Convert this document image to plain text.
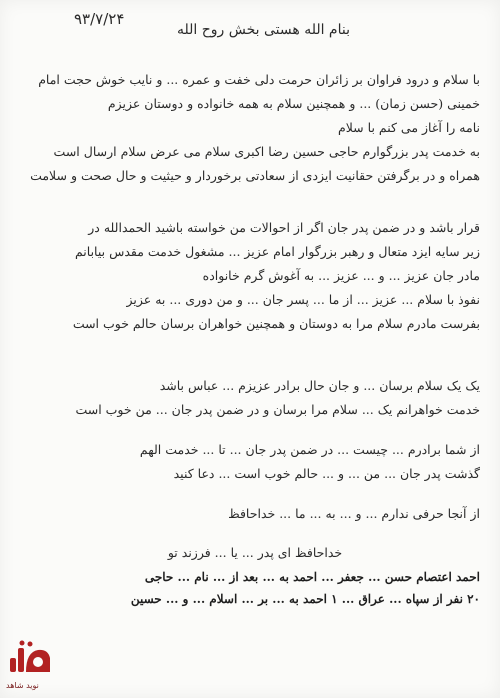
۹۳/۷/۲۴
بنام الله هستی بخش روح الله
با سلام و درود فراوان بر زائران حرمت دلی خفت و عمره ... و نایب خوش حجت امام
خمینی (حسن زمان) ... و همچنین سلام به همه خانواده و دوستان عزیزم
نامه را آغاز می کنم با سلام
به خدمت پدر بزرگوارم حاجی حسین رضا اکبری سلام می عرض سلام ارسال است
همراه و در برگرفتن حقانیت ایزدی از سعادتی برخوردار و حیثیت و حال صحت و سلامت
قرار باشد و در ضمن پدر جان اگر از احوالات من خواسته باشید الحمدالله در
زیر سایه ایزد متعال و رهبر بزرگوار امام عزیز ... مشغول خدمت مقدس بیابانم
مادر جان عزیز ... و ... عزیز ... به آغوش گرم خانواده
نفوذ با سلام ... عزیز ... از ما ... پسر جان ... و من دوری ... به عزیز
بفرست مادرم سلام مرا به دوستان و همچنین خواهران برسان حالم خوب است
یک یک سلام برسان ... و جان حال برادر عزیزم ... عباس باشد
خدمت خواهرانم یک ... سلام مرا برسان و در ضمن پدر جان ... من خوب است
از شما برادرم ... چیست ... در ضمن پدر جان ... تا ... خدمت الهم
گذشت پدر جان ... من ... و ... حالم خوب است ... دعا کنید
از آنجا حرفی ندارم ... و ... به ... ما ... خداحافظ
خداحافظ ای پدر ... یا ... فرزند تو
احمد اعتصام حسن ... جعفر ... احمد به ... بعد از ... نام ... حاجی
۲۰ نفر از سپاه ... عراق ... ۱ احمد به ... بر ... اسلام ... و ... حسین
نوید شاهد
